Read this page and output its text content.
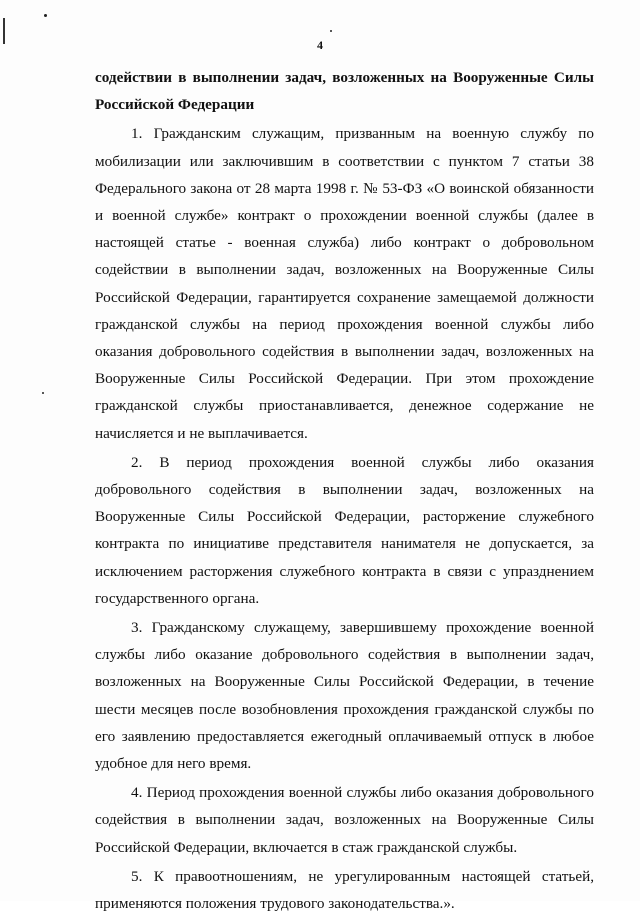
4

содействии в выполнении задач, возложенных на Вооруженные Силы Российской Федерации

1. Гражданским служащим, призванным на военную службу по мобилизации или заключившим в соответствии с пунктом 7 статьи 38 Федерального закона от 28 марта 1998 г. № 53-ФЗ «О воинской обязанности и военной службе» контракт о прохождении военной службы (далее в настоящей статье - военная служба) либо контракт о добровольном содействии в выполнении задач, возложенных на Вооруженные Силы Российской Федерации, гарантируется сохранение замещаемой должности гражданской службы на период прохождения военной службы либо оказания добровольного содействия в выполнении задач, возложенных на Вооруженные Силы Российской Федерации. При этом прохождение гражданской службы приостанавливается, денежное содержание не начисляется и не выплачивается.

2. В период прохождения военной службы либо оказания добровольного содействия в выполнении задач, возложенных на Вооруженные Силы Российской Федерации, расторжение служебного контракта по инициативе представителя нанимателя не допускается, за исключением расторжения служебного контракта в связи с упразднением государственного органа.

3. Гражданскому служащему, завершившему прохождение военной службы либо оказание добровольного содействия в выполнении задач, возложенных на Вооруженные Силы Российской Федерации, в течение шести месяцев после возобновления прохождения гражданской службы по его заявлению предоставляется ежегодный оплачиваемый отпуск в любое удобное для него время.

4. Период прохождения военной службы либо оказания добровольного содействия в выполнении задач, возложенных на Вооруженные Силы Российской Федерации, включается в стаж гражданской службы.

5. К правоотношениям, не урегулированным настоящей статьей, применяются положения трудового законодательства.».
